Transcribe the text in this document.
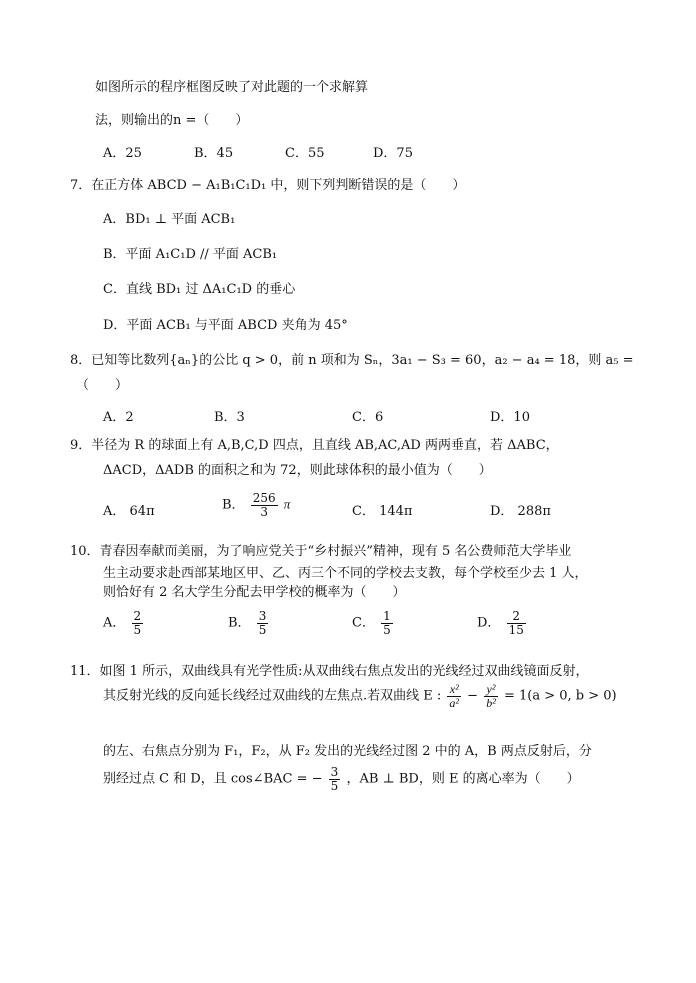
如图所示的程序框图反映了对此题的一个求解算
法，则输出的n =（　　）
A．25	B．45	C．55	D．75
7．在正方体 ABCD − A₁B₁C₁D₁ 中，则下列判断错误的是（　　）
A．BD₁ ⊥ 平面 ACB₁
B．平面 A₁C₁D // 平面 ACB₁
C．直线 BD₁ 过 ΔA₁C₁D 的垂心
D．平面 ACB₁ 与平面 ABCD 夹角为 45°
8．已知等比数列{aₙ}的公比 q > 0，前 n 项和为 Sₙ，3a₁ − S₃ = 60，a₂ − a₄ = 18，则 a₅ =
（　　）
A．2	B．3	C．6	D．10
9．半径为 R 的球面上有 A,B,C,D 四点，且直线 AB,AC,AD 两两垂直，若 ΔABC，
ΔACD，ΔADB 的面积之和为 72，则此球体积的最小值为（　　）
A． 64π	B． $\frac{256}{3}$ π	C． 144π	D． 288π
10．青春因奉献而美丽，为了响应党关于“乡村振兴”精神，现有 5 名公费师范大学毕业
生主动要求赴西部某地区甲、乙、丙三个不同的学校去支教，每个学校至少去 1 人，
则恰好有 2 名大学生分配去甲学校的概率为（　　）
A． $\frac{2}{5}$	B． $\frac{3}{5}$	C． $\frac{1}{5}$	D． $\frac{2}{15}$
11．如图 1 所示，双曲线具有光学性质:从双曲线右焦点发出的光线经过双曲线镜面反射，
其反射光线的反向延长线经过双曲线的左焦点.若双曲线 E : $\frac{\text{x²}}{\text{a²}} - \frac{\text{y²}}{\text{b²}} = 1(a > 0$, b > 0)
的左、右焦点分别为 F₁，F₂，从 F₂ 发出的光线经过图 2 中的 A，B 两点反射后，分
别经过点 C 和 D，且 cos∠BAC = − $\frac{3}{5}$ ，AB ⊥ BD，则 E 的离心率为（　　）
